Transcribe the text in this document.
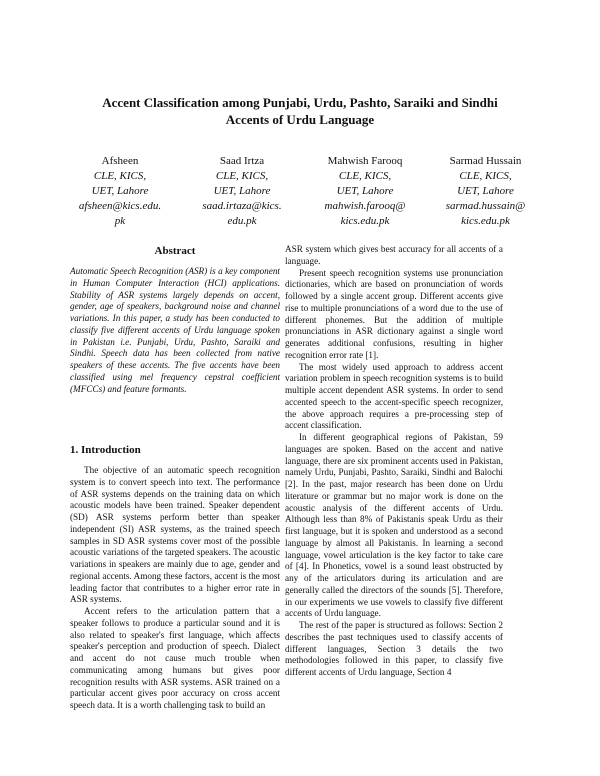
Accent Classification among Punjabi, Urdu, Pashto, Saraiki and Sindhi
Accents of Urdu Language
Afsheen
CLE, KICS,
UET, Lahore
afsheen@kics.edu.
pk
Saad Irtza
CLE, KICS,
UET, Lahore
saad.irtaza@kics.
edu.pk
Mahwish Farooq
CLE, KICS,
UET, Lahore
mahwish.farooq@
kics.edu.pk
Sarmad Hussain
CLE, KICS,
UET, Lahore
sarmad.hussain@
kics.edu.pk
Abstract

Automatic Speech Recognition (ASR) is a key component in Human Computer Interaction (HCI) applications. Stability of ASR systems largely depends on accent, gender, age of speakers, background noise and channel variations. In this paper, a study has been conducted to classify five different accents of Urdu language spoken in Pakistan i.e. Punjabi, Urdu, Pashto, Saraiki and Sindhi. Speech data has been collected from native speakers of these accents. The five accents have been classified using mel frequency cepstral coefficient (MFCCs) and feature formants.

1. Introduction

The objective of an automatic speech recognition system is to convert speech into text. The performance of ASR systems depends on the training data on which acoustic models have been trained. Speaker dependent (SD) ASR systems perform better than speaker independent (SI) ASR systems, as the trained speech samples in SD ASR systems cover most of the possible acoustic variations of the targeted speakers. The acoustic variations in speakers are mainly due to age, gender and regional accents. Among these factors, accent is the most leading factor that contributes to a higher error rate in ASR systems.

Accent refers to the articulation pattern that a speaker follows to produce a particular sound and it is also related to speaker's first language, which affects speaker's perception and production of speech. Dialect and accent do not cause much trouble when communicating among humans but gives poor recognition results with ASR systems. ASR trained on a particular accent gives poor accuracy on cross accent speech data. It is a worth challenging task to build an

ASR system which gives best accuracy for all accents of a language.

Present speech recognition systems use pronunciation dictionaries, which are based on pronunciation of words followed by a single accent group. Different accents give rise to multiple pronunciations of a word due to the use of different phonemes. But the addition of multiple pronunciations in ASR dictionary against a single word generates additional confusions, resulting in higher recognition error rate [1].

The most widely used approach to address accent variation problem in speech recognition systems is to build multiple accent dependent ASR systems. In order to send accented speech to the accent-specific speech recognizer, the above approach requires a pre-processing step of accent classification.

In different geographical regions of Pakistan, 59 languages are spoken. Based on the accent and native language, there are six prominent accents used in Pakistan, namely Urdu, Punjabi, Pashto, Saraiki, Sindhi and Balochi [2]. In the past, major research has been done on Urdu literature or grammar but no major work is done on the acoustic analysis of the different accents of Urdu. Although less than 8% of Pakistanis speak Urdu as their first language, but it is spoken and understood as a second language by almost all Pakistanis. In learning a second language, vowel articulation is the key factor to take care of [4]. In Phonetics, vowel is a sound least obstructed by any of the articulators during its articulation and are generally called the directors of the sounds [5]. Therefore, in our experiments we use vowels to classify five different accents of Urdu language.

The rest of the paper is structured as follows: Section 2 describes the past techniques used to classify accents of different languages, Section 3 details the two methodologies followed in this paper, to classify five different accents of Urdu language, Section 4
